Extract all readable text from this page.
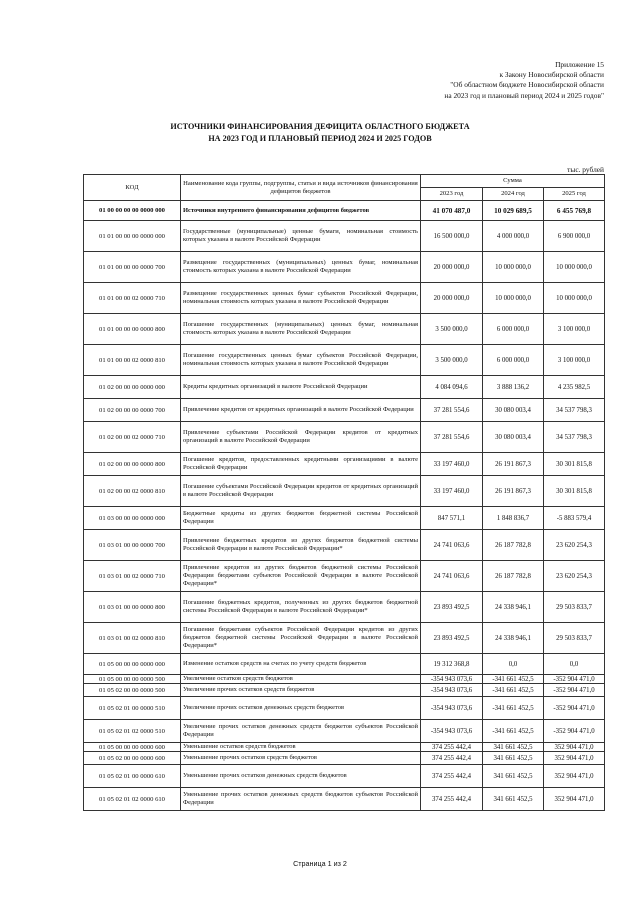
Приложение 15
к Закону Новосибирской области
"Об областном бюджете Новосибирской области
на 2023 год и плановый период 2024 и 2025 годов"
ИСТОЧНИКИ ФИНАНСИРОВАНИЯ ДЕФИЦИТА ОБЛАСТНОГО БЮДЖЕТА
НА 2023 ГОД И ПЛАНОВЫЙ ПЕРИОД 2024 И 2025 ГОДОВ
тыс. рублей
КОД	Наименование кода группы, подгруппы, статьи и вида источников финансирования дефицитов бюджетов	Сумма		
		2023 год	2024 год	2025 год
01 00 00 00 00 0000 000	Источники внутреннего финансирования дефицитов бюджетов	41 070 487,0	10 029 689,5	6 455 769,8
01 01 00 00 00 0000 000	Государственные (муниципальные) ценные бумаги, номинальная стоимость которых указана в валюте Российской Федерации	16 500 000,0	4 000 000,0	6 900 000,0
01 01 00 00 00 0000 700	Размещение государственных (муниципальных) ценных бумаг, номинальная стоимость которых указана в валюте Российской Федерации	20 000 000,0	10 000 000,0	10 000 000,0
01 01 00 00 02 0000 710	Размещение государственных ценных бумаг субъектов Российской Федерации, номинальная стоимость которых указана в валюте Российской Федерации	20 000 000,0	10 000 000,0	10 000 000,0
01 01 00 00 00 0000 800	Погашение государственных (муниципальных) ценных бумаг, номинальная стоимость которых указана в валюте Российской Федерации	3 500 000,0	6 000 000,0	3 100 000,0
01 01 00 00 02 0000 810	Погашение государственных ценных бумаг субъектов Российской Федерации, номинальная стоимость которых указана в валюте Российской Федерации	3 500 000,0	6 000 000,0	3 100 000,0
01 02 00 00 00 0000 000	Кредиты кредитных организаций в валюте Российской Федерации	4 084 094,6	3 888 136,2	4 235 982,5
01 02 00 00 00 0000 700	Привлечение кредитов от кредитных организаций в валюте Российской Федерации	37 281 554,6	30 080 003,4	34 537 798,3
01 02 00 00 02 0000 710	Привлечение субъектами Российской Федерации кредитов от кредитных организаций в валюте Российской Федерации	37 281 554,6	30 080 003,4	34 537 798,3
01 02 00 00 00 0000 800	Погашение кредитов, предоставленных кредитными организациями в валюте Российской Федерации	33 197 460,0	26 191 867,3	30 301 815,8
01 02 00 00 02 0000 810	Погашение субъектами Российской Федерации кредитов от кредитных организаций в валюте Российской Федерации	33 197 460,0	26 191 867,3	30 301 815,8
01 03 00 00 00 0000 000	Бюджетные кредиты из других бюджетов бюджетной системы Российской Федерации	847 571,1	1 848 836,7	-5 883 579,4
01 03 01 00 00 0000 700	Привлечение бюджетных кредитов из других бюджетов бюджетной системы Российской Федерации в валюте Российской Федерации*	24 741 063,6	26 187 782,8	23 620 254,3
01 03 01 00 02 0000 710	Привлечение кредитов из других бюджетов бюджетной системы Российской Федерации бюджетами субъектов Российской Федерации в валюте Российской Федерации*	24 741 063,6	26 187 782,8	23 620 254,3
01 03 01 00 00 0000 800	Погашение бюджетных кредитов, полученных из других бюджетов бюджетной системы Российской Федерации в валюте Российской Федерации*	23 893 492,5	24 338 946,1	29 503 833,7
01 03 01 00 02 0000 810	Погашение бюджетами субъектов Российской Федерации кредитов из других бюджетов бюджетной системы Российской Федерации в валюте Российской Федерации*	23 893 492,5	24 338 946,1	29 503 833,7
01 05 00 00 00 0000 000	Изменение остатков средств на счетах по учету средств бюджетов	19 312 368,8	0,0	0,0
01 05 00 00 00 0000 500	Увеличение остатков средств бюджетов	-354 943 073,6	-341 661 452,5	-352 904 471,0
01 05 02 00 00 0000 500	Увеличение прочих остатков средств бюджетов	-354 943 073,6	-341 661 452,5	-352 904 471,0
01 05 02 01 00 0000 510	Увеличение прочих остатков денежных средств бюджетов	-354 943 073,6	-341 661 452,5	-352 904 471,0
01 05 02 01 02 0000 510	Увеличение прочих остатков денежных средств бюджетов субъектов Российской Федерации	-354 943 073,6	-341 661 452,5	-352 904 471,0
01 05 00 00 00 0000 600	Уменьшение остатков средств бюджетов	374 255 442,4	341 661 452,5	352 904 471,0
01 05 02 00 00 0000 600	Уменьшение прочих остатков средств бюджетов	374 255 442,4	341 661 452,5	352 904 471,0
01 05 02 01 00 0000 610	Уменьшение прочих остатков денежных средств бюджетов	374 255 442,4	341 661 452,5	352 904 471,0
01 05 02 01 02 0000 610	Уменьшение прочих остатков денежных средств бюджетов субъектов Российской Федерации	374 255 442,4	341 661 452,5	352 904 471,0
Страница 1 из 2
